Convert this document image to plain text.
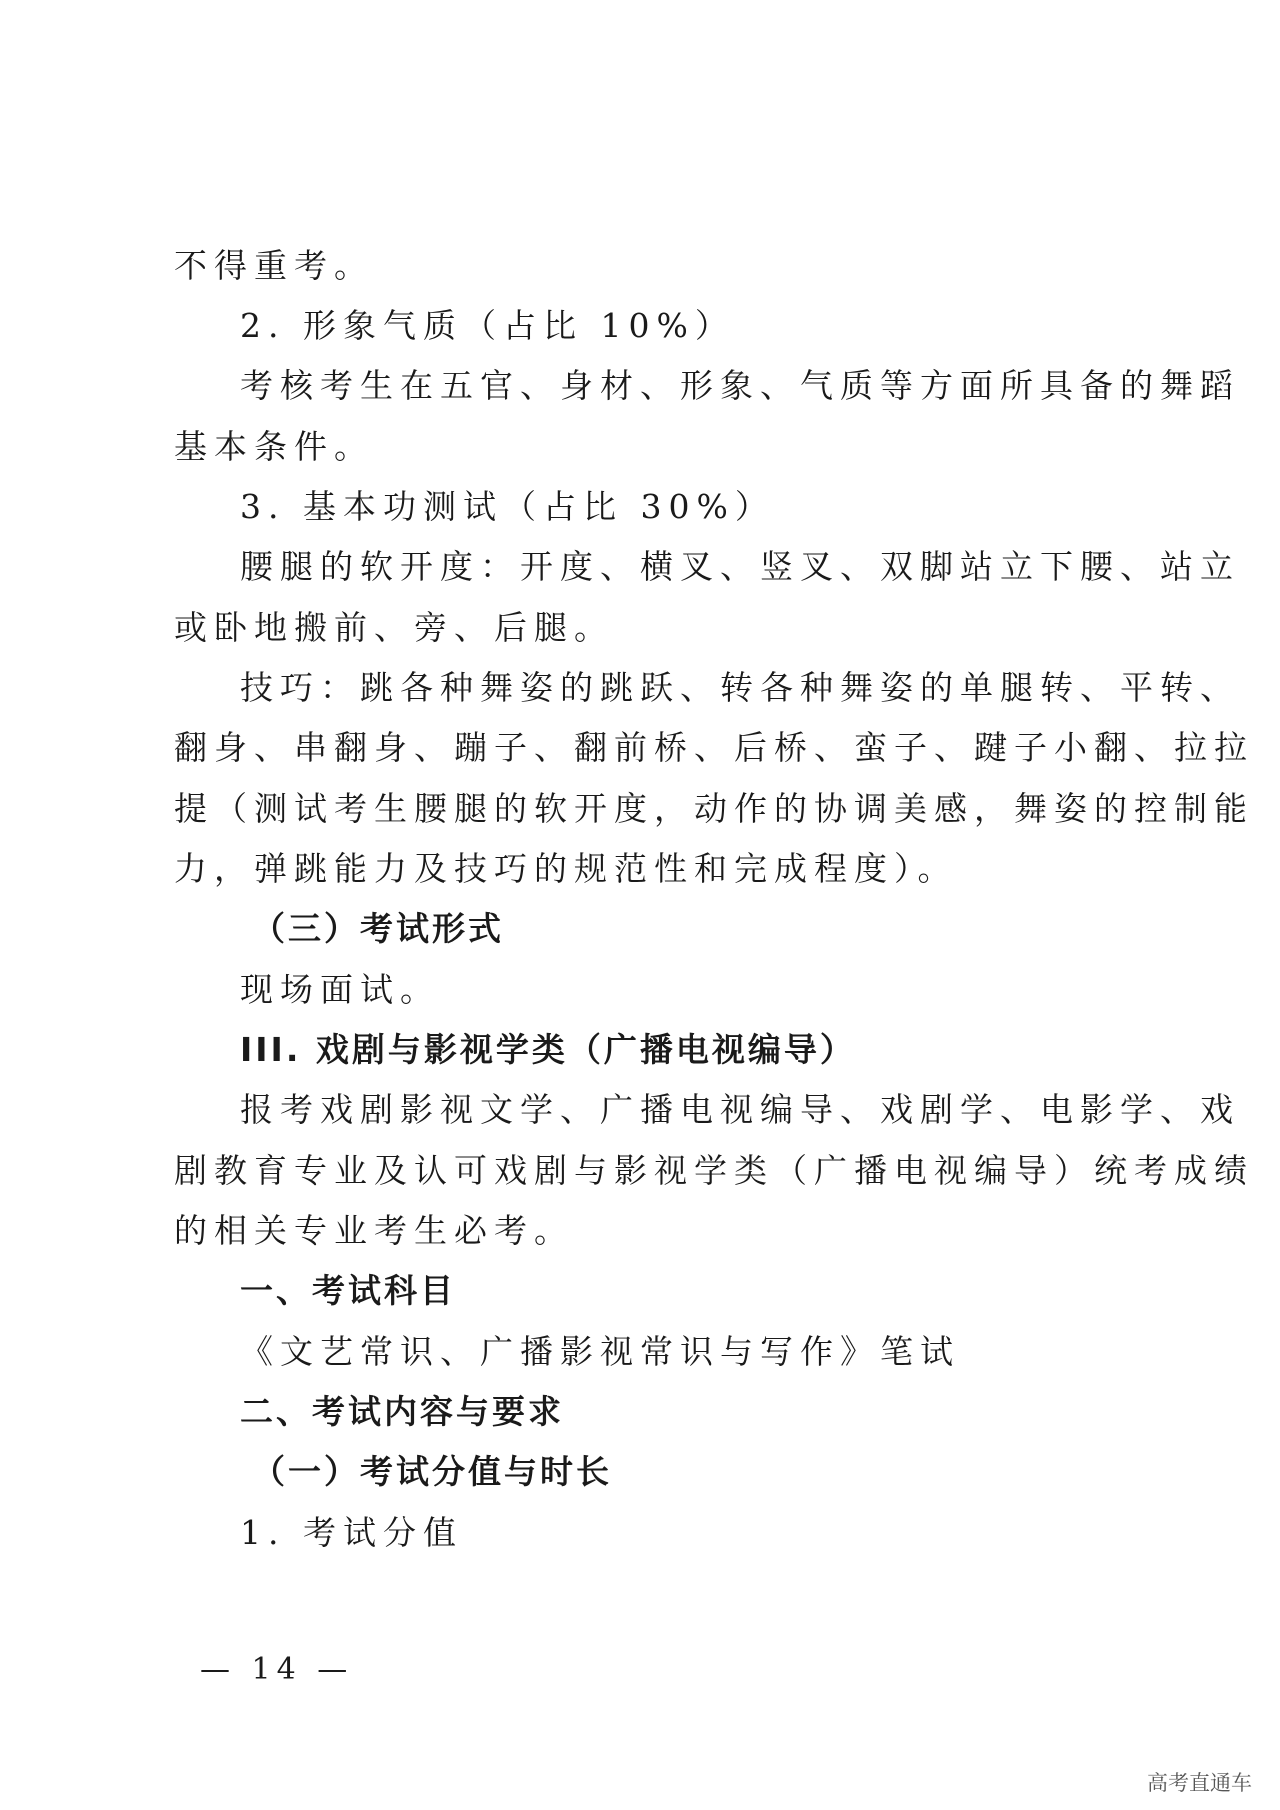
不得重考。
2. 形象气质（占比 10%）
考核考生在五官、身材、形象、气质等方面所具备的舞蹈
基本条件。
3. 基本功测试（占比 30%）
腰腿的软开度：开度、横叉、竖叉、双脚站立下腰、站立
或卧地搬前、旁、后腿。
技巧：跳各种舞姿的跳跃、转各种舞姿的单腿转、平转、
翻身、串翻身、蹦子、翻前桥、后桥、蛮子、踺子小翻、拉拉
提（测试考生腰腿的软开度，动作的协调美感，舞姿的控制能
力，弹跳能力及技巧的规范性和完成程度）。
（三）考试形式
现场面试。
III. 戏剧与影视学类（广播电视编导）
报考戏剧影视文学、广播电视编导、戏剧学、电影学、戏
剧教育专业及认可戏剧与影视学类（广播电视编导）统考成绩
的相关专业考生必考。
一、考试科目
《文艺常识、广播影视常识与写作》笔试
二、考试内容与要求
（一）考试分值与时长
1. 考试分值
— 14 —
高考直通车
